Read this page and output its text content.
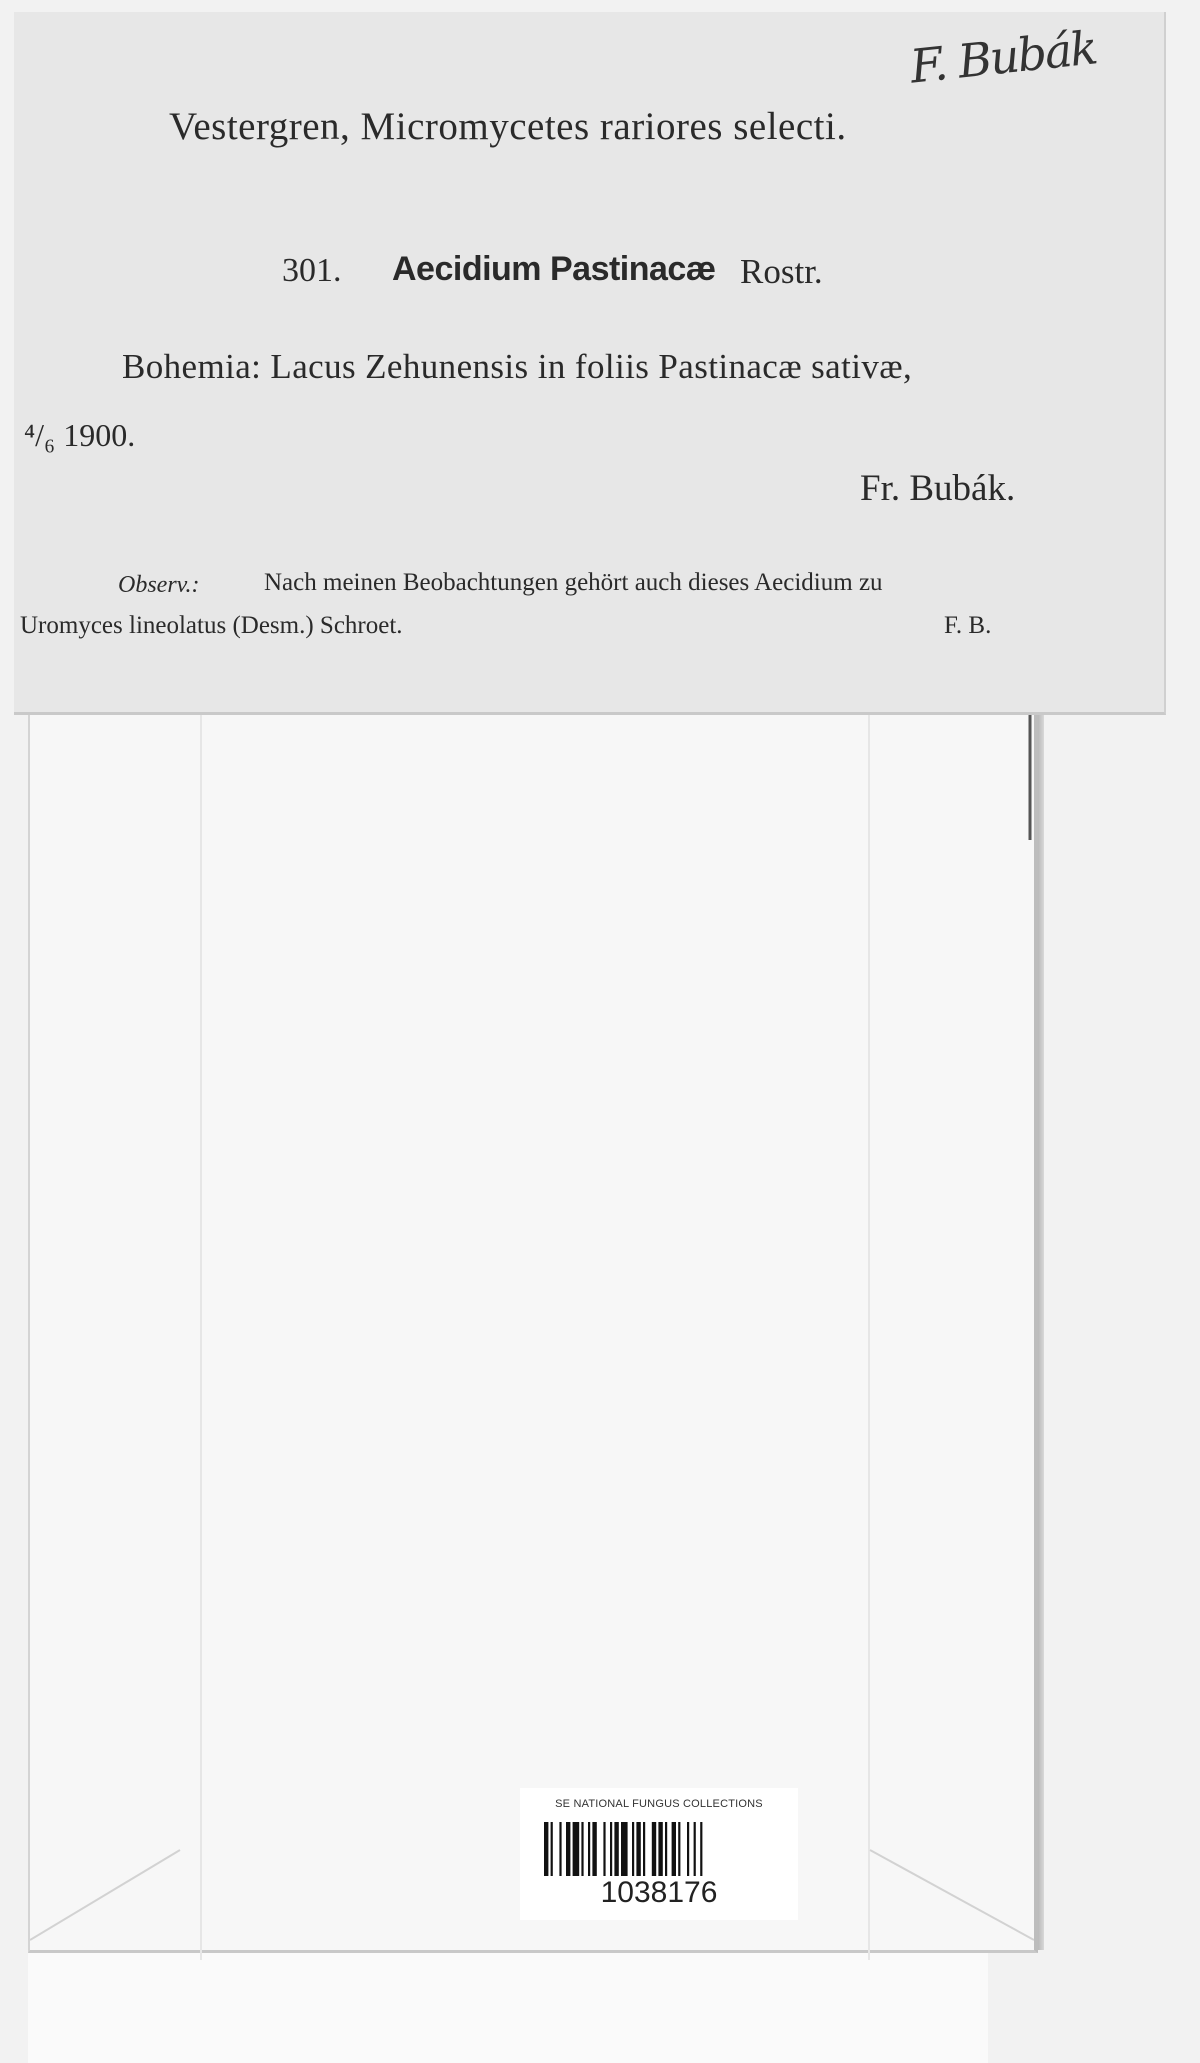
Vestergren, Micromycetes rariores selecti.
301. Aecidium Pastinacæ Rostr.
Bohemia: Lacus Zehunensis in foliis Pastinacæ sativæ,
⁴/₆ 1900.
Fr. Bubák.
Observ.:	Nach meinen Beobachtungen gehört auch dieses Aecidium zu
Uromyces lineolatus (Desm.) Schroet.	F. B.
F. Bubák
SE NATIONAL FUNGUS COLLECTIONS
1038176
